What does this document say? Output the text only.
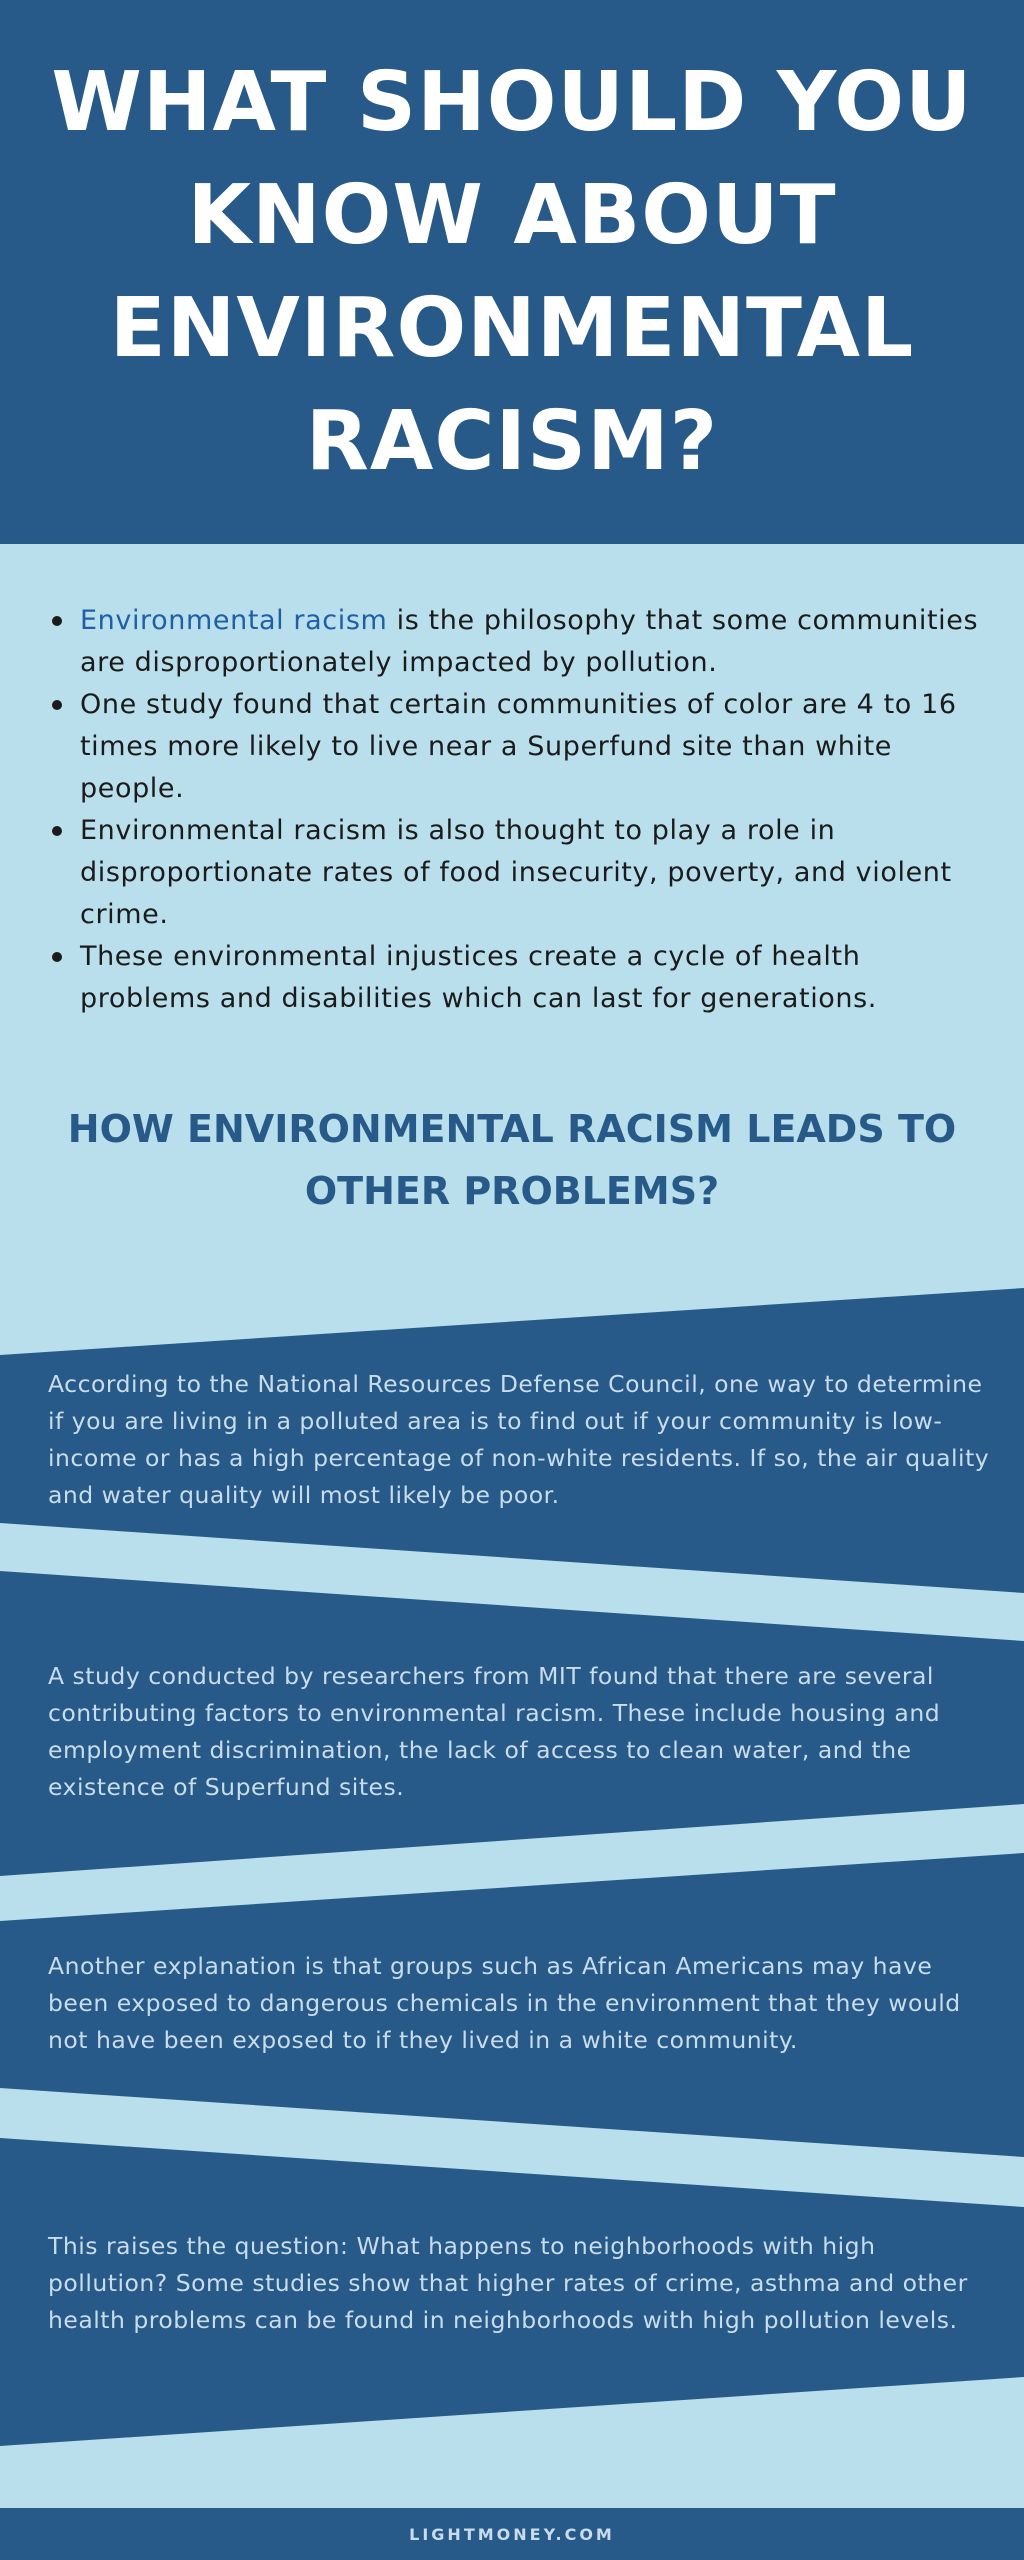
WHAT SHOULD YOU KNOW ABOUT ENVIRONMENTAL RACISM?
Environmental racism is the philosophy that some communities are disproportionately impacted by pollution.
One study found that certain communities of color are 4 to 16 times more likely to live near a Superfund site than white people.
Environmental racism is also thought to play a role in disproportionate rates of food insecurity, poverty, and violent crime.
These environmental injustices create a cycle of health problems and disabilities which can last for generations.
HOW ENVIRONMENTAL RACISM LEADS TO OTHER PROBLEMS?

According to the National Resources Defense Council, one way to determine if you are living in a polluted area is to find out if your community is low-income or has a high percentage of non-white residents. If so, the air quality and water quality will most likely be poor.

A study conducted by researchers from MIT found that there are several contributing factors to environmental racism. These include housing and employment discrimination, the lack of access to clean water, and the existence of Superfund sites.

Another explanation is that groups such as African Americans may have been exposed to dangerous chemicals in the environment that they would not have been exposed to if they lived in a white community.

This raises the question: What happens to neighborhoods with high pollution? Some studies show that higher rates of crime, asthma and other health problems can be found in neighborhoods with high pollution levels.

LIGHTMONEY.COM
